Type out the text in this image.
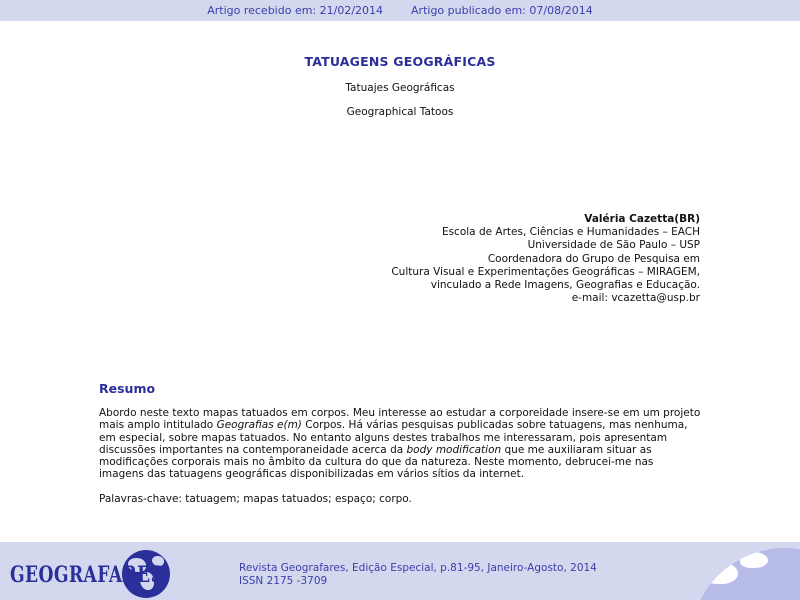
Artigo recebido em: 21/02/2014	Artigo publicado em: 07/08/2014
TATUAGENS GEOGRÁFICAS
Tatuajes Geográficas
Geographical Tatoos
Valéria Cazetta(BR)
Escola de Artes, Ciências e Humanidades – EACH
Universidade de São Paulo – USP
Coordenadora do Grupo de Pesquisa em
Cultura Visual e Experimentações Geográficas – MIRAGEM,
vinculado a Rede Imagens, Geografias e Educação.
e-mail: vcazetta@usp.br
Resumo

Abordo neste texto mapas tatuados em corpos. Meu interesse ao estudar a corporeidade insere-se em um projeto mais amplo intitulado Geografias e(m) Corpos. Há várias pesquisas publicadas sobre tatuagens, mas nenhuma, em especial, sobre mapas tatuados. No entanto alguns destes trabalhos me interessaram, pois apresentam discussões importantes na contemporaneidade acerca da body modification que me auxiliaram situar as modificações corporais mais no âmbito da cultura do que da natureza. Neste momento, debrucei-me nas imagens das tatuagens geográficas disponibilizadas em vários sítios da internet.

Palavras-chave: tatuagem; mapas tatuados; espaço; corpo.
GEOGRAFARES	Revista Geografares, Edição Especial, p.81-95, Janeiro-Agosto, 2014
ISSN 2175 -3709
